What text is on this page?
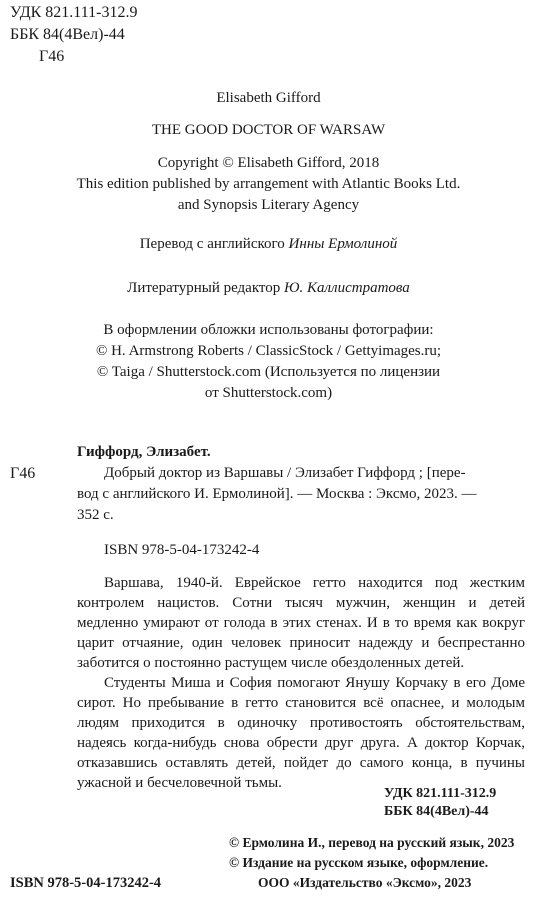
УДК 821.111-312.9
ББК 84(4Вел)-44
Г46
Elisabeth Gifford
THE GOOD DOCTOR OF WARSAW
Copyright © Elisabeth Gifford, 2018
This edition published by arrangement with Atlantic Books Ltd.
and Synopsis Literary Agency
Перевод с английского Инны Ермолиной
Литературный редактор Ю. Каллистратова
В оформлении обложки использованы фотографии:
© H. Armstrong Roberts / ClassicStock / Gettyimages.ru;
© Taiga / Shutterstock.com (Используется по лицензии
от Shutterstock.com)
Гиффорд, Элизабет.
Г46	Добрый доктор из Варшавы / Элизабет Гиффорд ; [пере-
вод с английского И. Ермолиной]. — Москва : Эксмо, 2023. —
352 с.
ISBN 978-5-04-173242-4

Варшава, 1940-й. Еврейское гетто находится под жестким контролем нацистов. Сотни тысяч мужчин, женщин и детей медленно умирают от голода в этих стенах. И в то время как вокруг царит отчаяние, один человек приносит надежду и беспрестанно заботится о постоянно растущем числе обездоленных детей.

Студенты Миша и София помогают Янушу Корчаку в его Доме сирот. Но пребывание в гетто становится всё опаснее, и молодым людям приходится в одиночку противостоять обстоятельствам, надеясь когда-нибудь снова обрести друг друга. А доктор Корчак, отказавшись оставлять детей, пойдет до самого конца, в пучины ужасной и бесчеловечной тьмы.

УДК 821.111-312.9
ББК 84(4Вел)-44
© Ермолина И., перевод на русский язык, 2023
© Издание на русском языке, оформление.
ООО «Издательство «Эксмо», 2023
ISBN 978-5-04-173242-4
